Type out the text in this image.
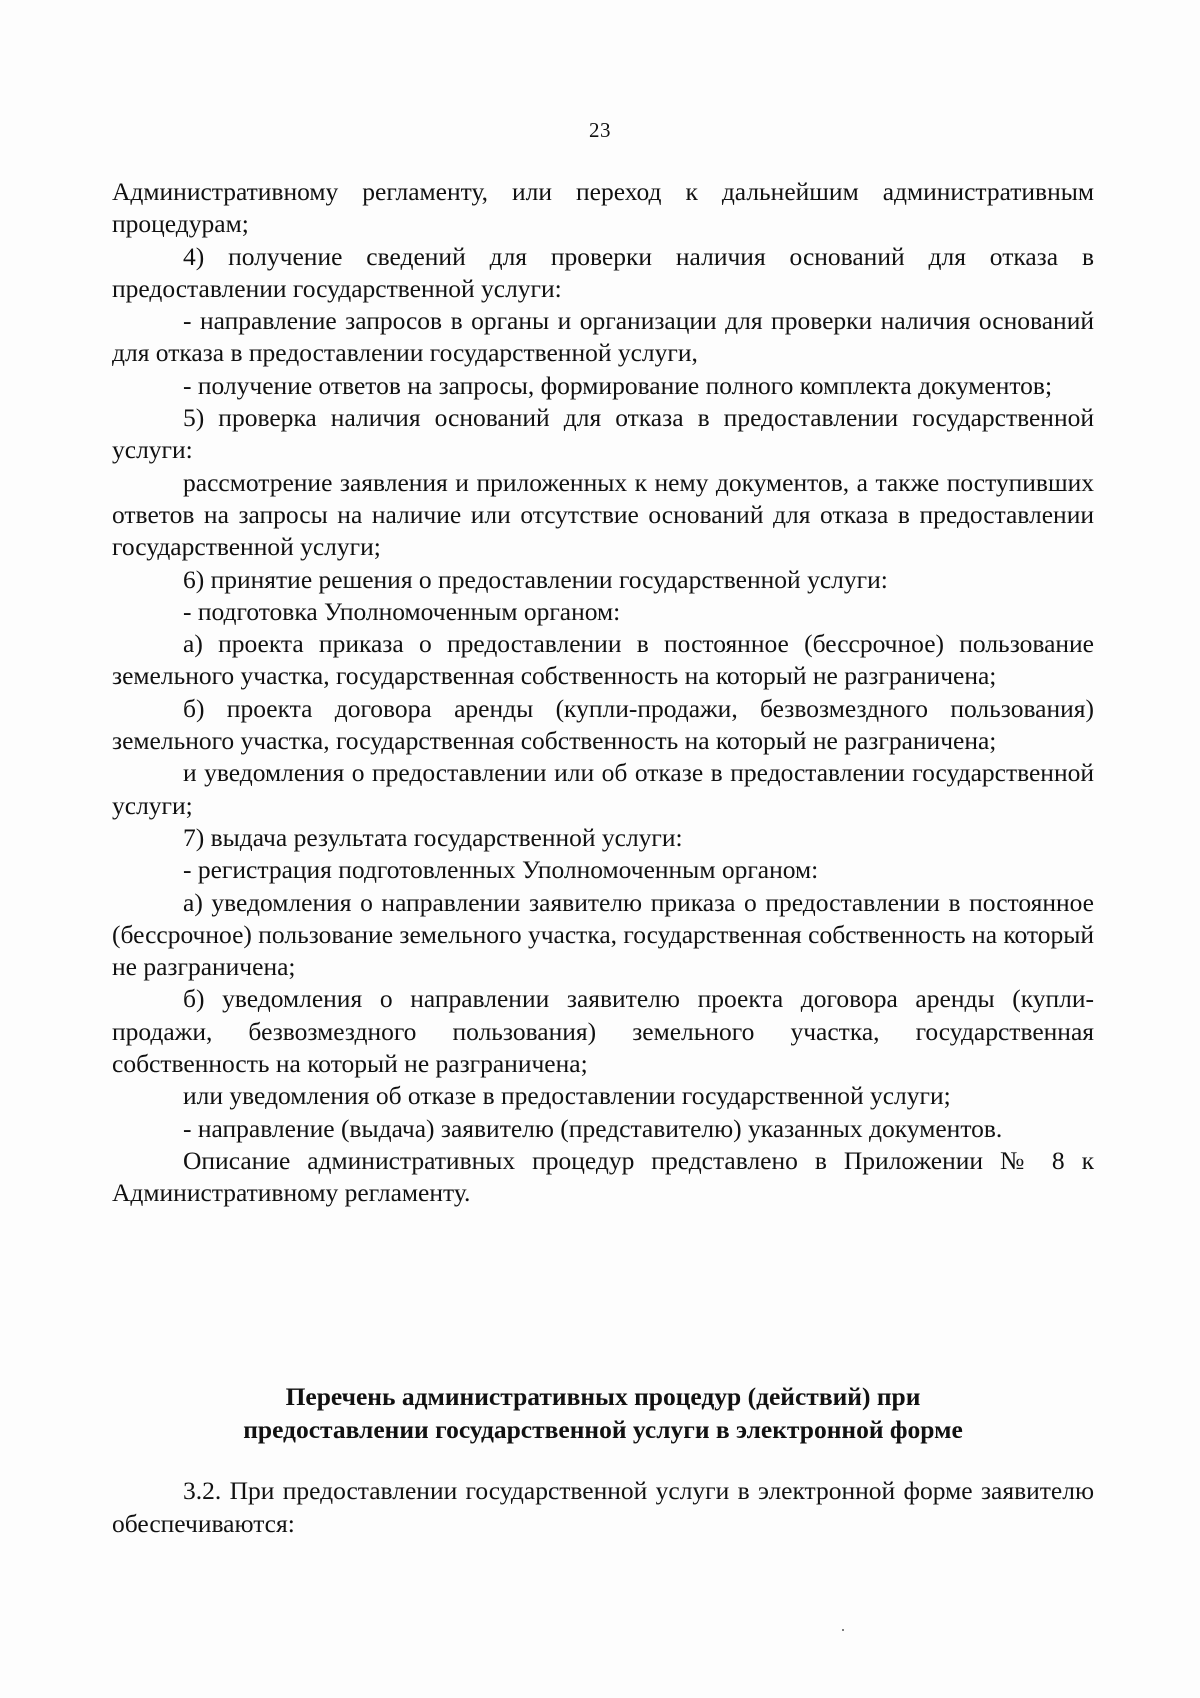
23

Административному регламенту, или переход к дальнейшим административным процедурам;

4) получение сведений для проверки наличия оснований для отказа в предоставлении государственной услуги:

- направление запросов в органы и организации для проверки наличия оснований для отказа в предоставлении государственной услуги,

- получение ответов на запросы, формирование полного комплекта документов;

5) проверка наличия оснований для отказа в предоставлении государственной услуги:

рассмотрение заявления и приложенных к нему документов, а также поступивших ответов на запросы на наличие или отсутствие оснований для отказа в предоставлении государственной услуги;

6) принятие решения о предоставлении государственной услуги:

- подготовка Уполномоченным органом:

а) проекта приказа о предоставлении в постоянное (бессрочное) пользование земельного участка, государственная собственность на который не разграничена;

б) проекта договора аренды (купли-продажи, безвозмездного пользования) земельного участка, государственная собственность на который не разграничена;

и уведомления о предоставлении или об отказе в предоставлении государственной услуги;

7) выдача результата государственной услуги:

- регистрация подготовленных Уполномоченным органом:

а) уведомления о направлении заявителю приказа о предоставлении в постоянное (бессрочное) пользование земельного участка, государственная собственность на который не разграничена;

б) уведомления о направлении заявителю проекта договора аренды (купли-продажи, безвозмездного пользования) земельного участка, государственная собственность на который не разграничена;

или уведомления об отказе в предоставлении государственной услуги;

- направление (выдача) заявителю (представителю) указанных документов.

Описание административных процедур представлено в Приложении № 8 к Административному регламенту.

Перечень административных процедур (действий) при
предоставлении государственной услуги в электронной форме

3.2. При предоставлении государственной услуги в электронной форме заявителю обеспечиваются:
